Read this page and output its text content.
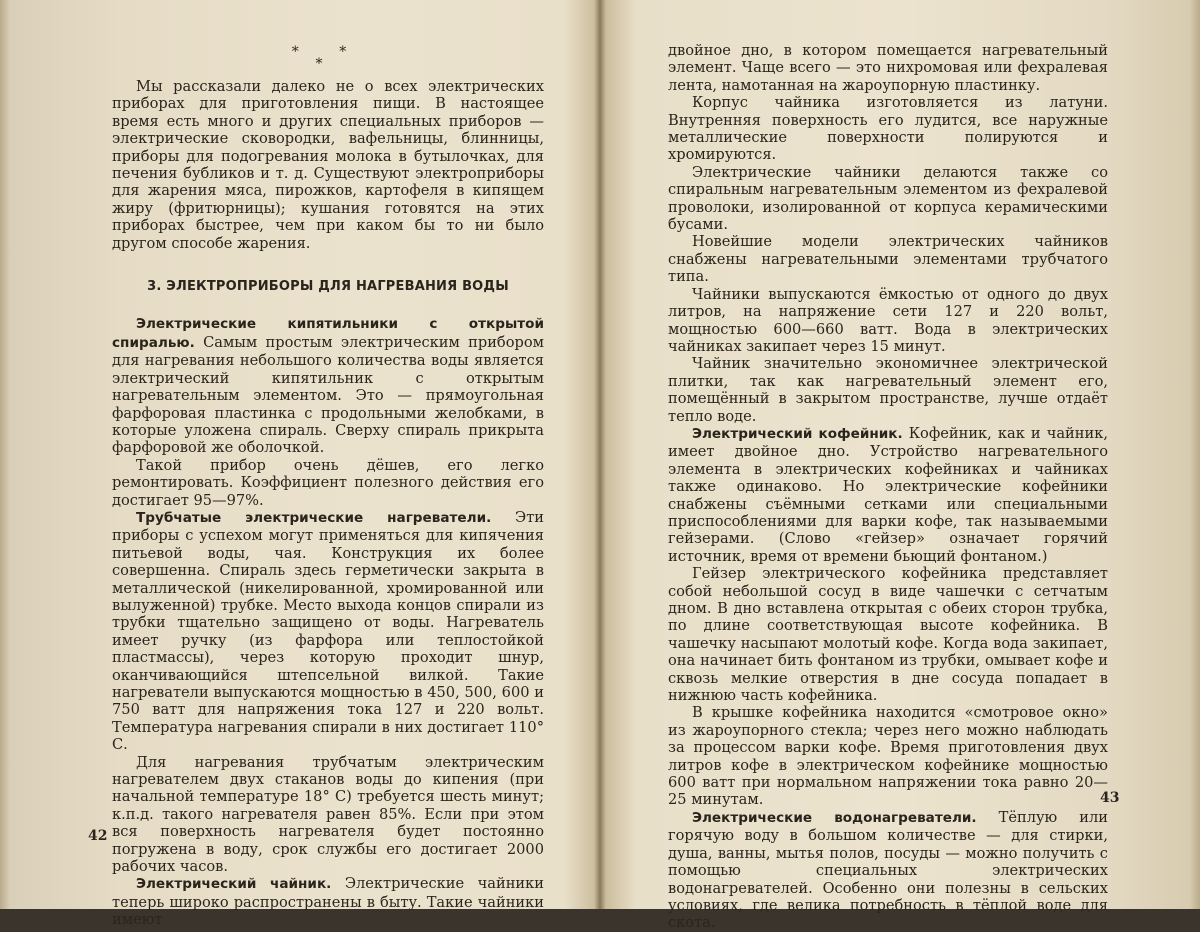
* *
*

Мы рассказали далеко не о всех электрических приборах для приготовления пищи. В настоящее время есть много и других специальных приборов — электрические сковородки, вафельницы, блинницы, приборы для подогревания молока в бутылочках, для печения бубликов и т. д. Существуют электроприборы для жарения мяса, пирожков, картофеля в кипящем жиру (фритюрницы); кушания готовятся на этих приборах быстрее, чем при каком бы то ни было другом способе жарения.

3. ЭЛЕКТРОПРИБОРЫ ДЛЯ НАГРЕВАНИЯ ВОДЫ

Электрические кипятильники с открытой спиралью. Самым простым электрическим прибором для нагревания небольшого количества воды является электрический кипятильник с открытым нагревательным элементом. Это — прямоугольная фарфоровая пластинка с продольными желобками, в которые уложена спираль. Сверху спираль прикрыта фарфоровой же оболочкой.

Такой прибор очень дёшев, его легко ремонтировать. Коэффициент полезного действия его достигает 95—97%.

Трубчатые электрические нагреватели. Эти приборы с успехом могут применяться для кипячения питьевой воды, чая. Конструкция их более совершенна. Спираль здесь герметически закрыта в металлической (никелированной, хромированной или вылуженной) трубке. Место выхода концов спирали из трубки тщательно защищено от воды. Нагреватель имеет ручку (из фарфора или теплостойкой пластмассы), через которую проходит шнур, оканчивающийся штепсельной вилкой. Такие нагреватели выпускаются мощностью в 450, 500, 600 и 750 ватт для напряжения тока 127 и 220 вольт. Температура нагревания спирали в них достигает 110° С.

Для нагревания трубчатым электрическим нагревателем двух стаканов воды до кипения (при начальной температуре 18° С) требуется шесть минут; к.п.д. такого нагревателя равен 85%. Если при этом вся поверхность нагревателя будет постоянно погружена в воду, срок службы его достигает 2000 рабочих часов.

Электрический чайник. Электрические чайники теперь широко распространены в быту. Такие чайники имеют

42

двойное дно, в котором помещается нагревательный элемент. Чаще всего — это нихромовая или фехралевая лента, намотанная на жароупорную пластинку.

Корпус чайника изготовляется из латуни. Внутренняя поверхность его лудится, все наружные металлические поверхности полируются и хромируются.

Электрические чайники делаются также со спиральным нагревательным элементом из фехралевой проволоки, изолированной от корпуса керамическими бусами.

Новейшие модели электрических чайников снабжены нагревательными элементами трубчатого типа.

Чайники выпускаются ёмкостью от одного до двух литров, на напряжение сети 127 и 220 вольт, мощностью 600—660 ватт. Вода в электрических чайниках закипает через 15 минут.

Чайник значительно экономичнее электрической плитки, так как нагревательный элемент его, помещённый в закрытом пространстве, лучше отдаёт тепло воде.

Электрический кофейник. Кофейник, как и чайник, имеет двойное дно. Устройство нагревательного элемента в электрических кофейниках и чайниках также одинаково. Но электрические кофейники снабжены съёмными сетками или специальными приспособлениями для варки кофе, так называемыми гейзерами. (Слово «гейзер» означает горячий источник, время от времени бьющий фонтаном.)

Гейзер электрического кофейника представляет собой небольшой сосуд в виде чашечки с сетчатым дном. В дно вставлена открытая с обеих сторон трубка, по длине соответствующая высоте кофейника. В чашечку насыпают молотый кофе. Когда вода закипает, она начинает бить фонтаном из трубки, омывает кофе и сквозь мелкие отверстия в дне сосуда попадает в нижнюю часть кофейника.

В крышке кофейника находится «смотровое окно» из жароупорного стекла; через него можно наблюдать за процессом варки кофе. Время приготовления двух литров кофе в электрическом кофейнике мощностью 600 ватт при нормальном напряжении тока равно 20—25 минутам.

Электрические водонагреватели. Тёплую или горячую воду в большом количестве — для стирки, душа, ванны, мытья полов, посуды — можно получить с помощью специальных электрических водонагревателей. Особенно они полезны в сельских условиях, где велика потребность в тёплой воде для скота.

43
